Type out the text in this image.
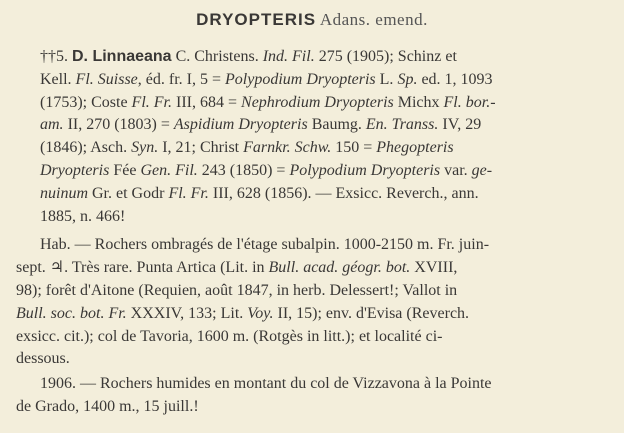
DRYOPTERIS Adans. emend.
††5. D. Linnaeana C. Christens. Ind. Fil. 275 (1905); Schinz et
Kell. Fl. Suisse, éd. fr. I, 5 = Polypodium Dryopteris L. Sp. ed. 1, 1093
(1753); Coste Fl. Fr. III, 684 = Nephrodium Dryopteris Michx Fl. bor.-
am. II, 270 (1803) = Aspidium Dryopteris Baumg. En. Transs. IV, 29
(1846); Asch. Syn. I, 21; Christ Farnkr. Schw. 150 = Phegopteris
Dryopteris Fée Gen. Fil. 243 (1850) = Polypodium Dryopteris var. ge-
nuinum Gr. et Godr Fl. Fr. III, 628 (1856). — Exsicc. Reverch., ann.
1885, n. 466!
Hab. — Rochers ombragés de l'étage subalpin. 1000-2150 m. Fr. juin-
sept. ♃. Très rare. Punta Artica (Lit. in Bull. acad. géogr. bot. XVIII,
98); forêt d'Aitone (Requien, août 1847, in herb. Delessert!; Vallot in
Bull. soc. bot. Fr. XXXIV, 133; Lit. Voy. II, 15); env. d'Evisa (Reverch.
exsicc. cit.); col de Tavoria, 1600 m. (Rotgès in litt.); et localité ci-
dessous.
1906. — Rochers humides en montant du col de Vizzavona à la Pointe
de Grado, 1400 m., 15 juill.!
